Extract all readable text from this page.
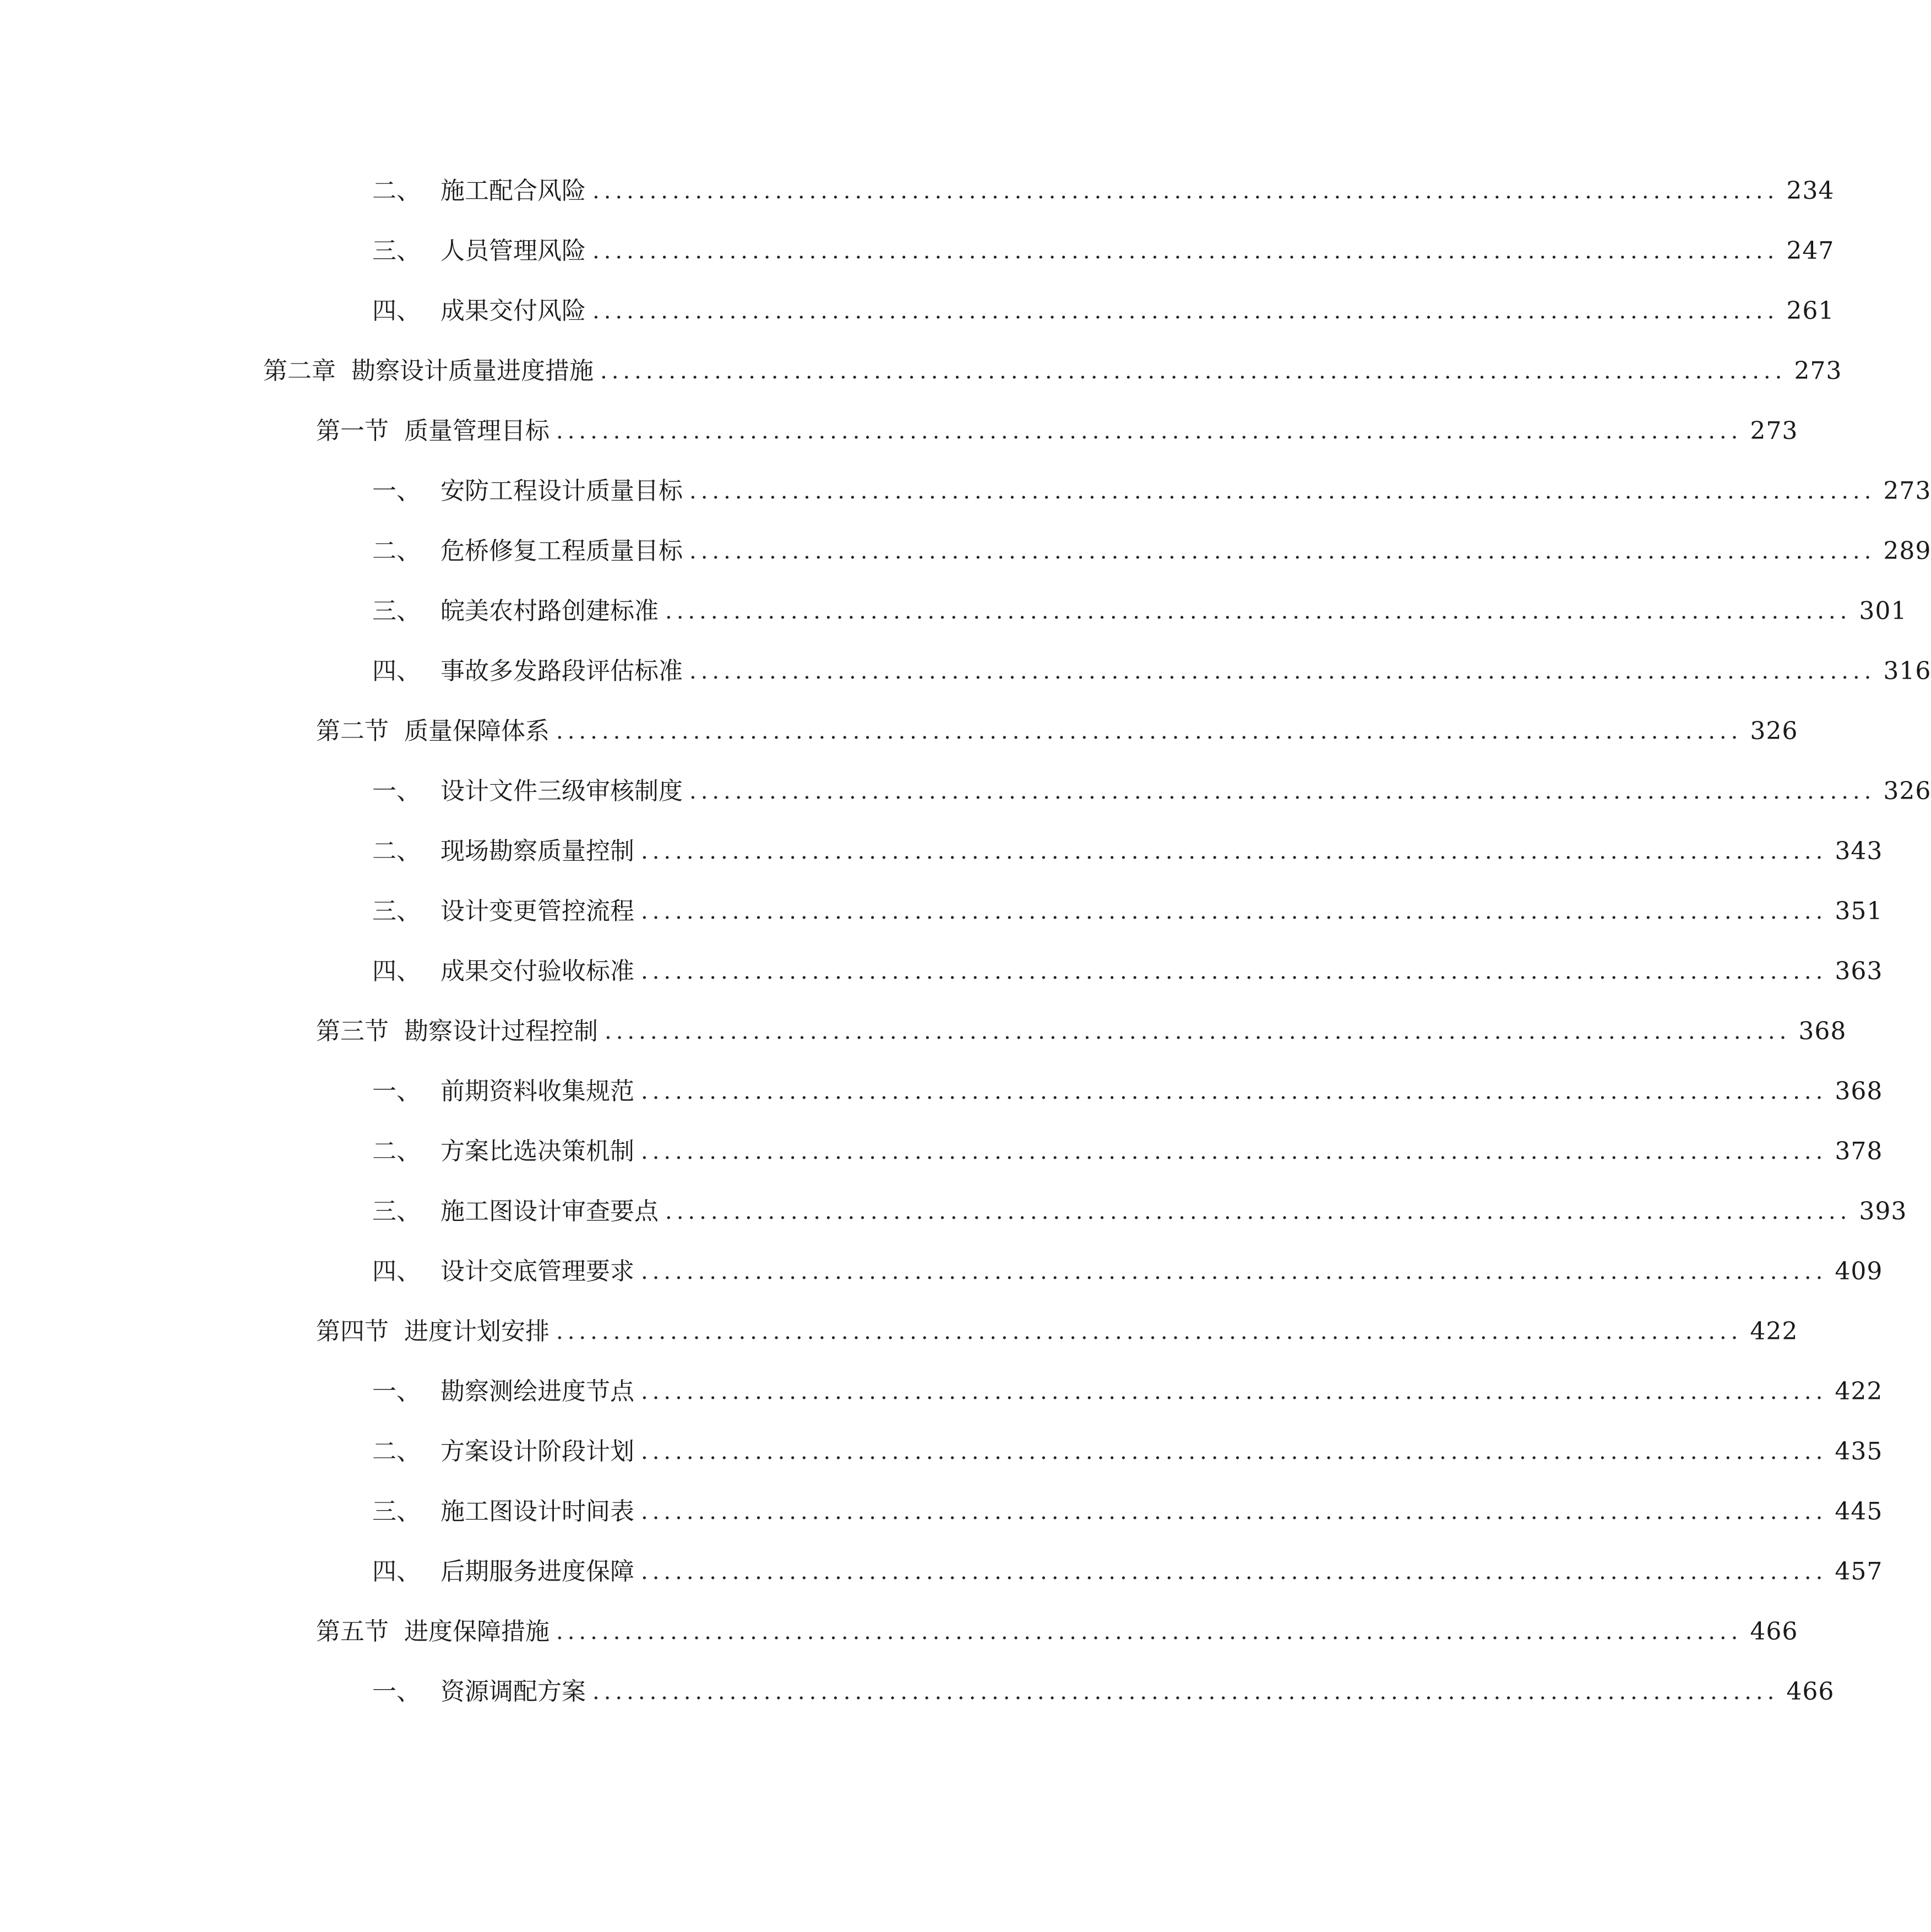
二、 施工配合风险 ........................................................................................................ 234
三、 人员管理风险 ........................................................................................................ 247
四、 成果交付风险 ........................................................................................................ 261
第二章 勘察设计质量进度措施 ........................................................................................................ 273
第一节 质量管理目标 ........................................................................................................ 273
一、 安防工程设计质量目标 ........................................................................................................ 273
二、 危桥修复工程质量目标 ........................................................................................................ 289
三、 皖美农村路创建标准 ........................................................................................................ 301
四、 事故多发路段评估标准 ........................................................................................................ 316
第二节 质量保障体系 ........................................................................................................ 326
一、 设计文件三级审核制度 ........................................................................................................ 326
二、 现场勘察质量控制 ........................................................................................................ 343
三、 设计变更管控流程 ........................................................................................................ 351
四、 成果交付验收标准 ........................................................................................................ 363
第三节 勘察设计过程控制 ........................................................................................................ 368
一、 前期资料收集规范 ........................................................................................................ 368
二、 方案比选决策机制 ........................................................................................................ 378
三、 施工图设计审查要点 ........................................................................................................ 393
四、 设计交底管理要求 ........................................................................................................ 409
第四节 进度计划安排 ........................................................................................................ 422
一、 勘察测绘进度节点 ........................................................................................................ 422
二、 方案设计阶段计划 ........................................................................................................ 435
三、 施工图设计时间表 ........................................................................................................ 445
四、 后期服务进度保障 ........................................................................................................ 457
第五节 进度保障措施 ........................................................................................................ 466
一、 资源调配方案 ........................................................................................................ 466
